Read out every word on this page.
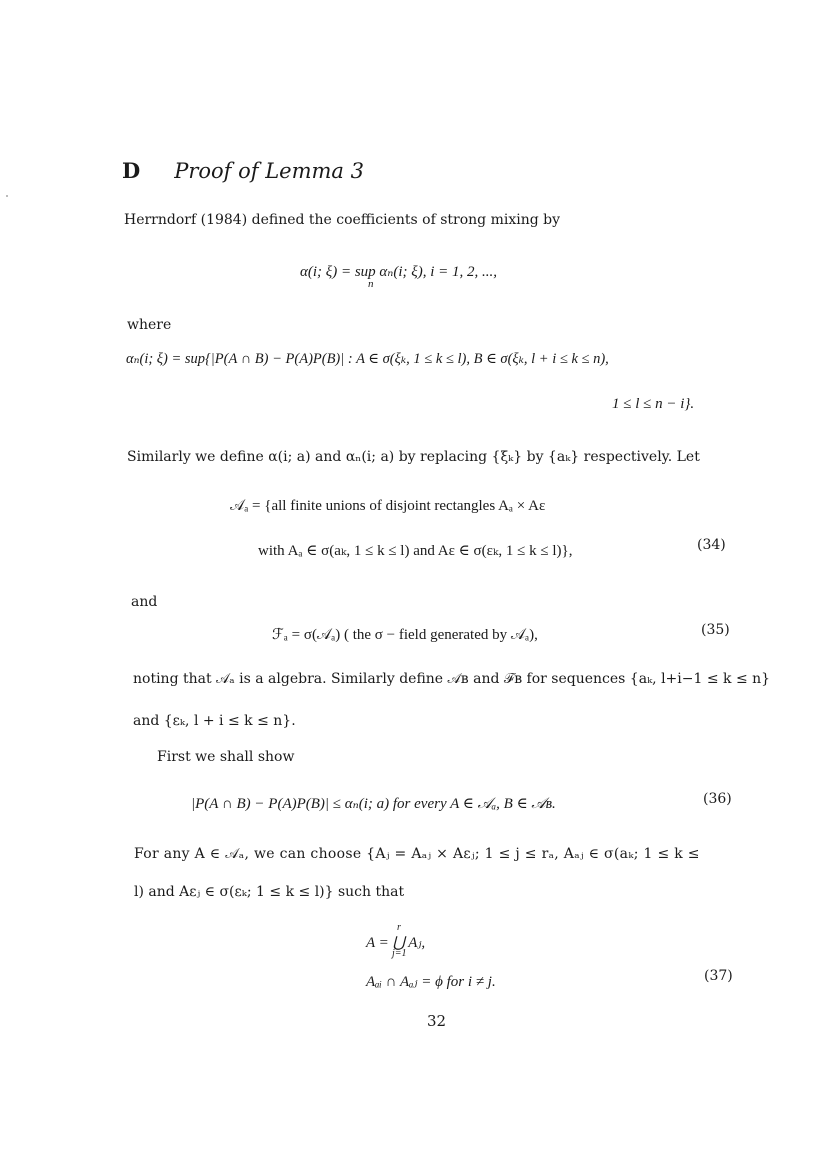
D Proof of Lemma 3
Herrndorf (1984) defined the coefficients of strong mixing by
α(i; ξ) = sup αₙ(i; ξ), i = 1, 2, ...,
n
where
αₙ(i; ξ) = sup{|P(A ∩ B) − P(A)P(B)| : A ∈ σ(ξₖ, 1 ≤ k ≤ l), B ∈ σ(ξₖ, l + i ≤ k ≤ n),
1 ≤ l ≤ n − i}.
Similarly we define α(i; a) and αₙ(i; a) by replacing {ξₖ} by {aₖ} respectively. Let
𝒜ₐ = {all finite unions of disjoint rectangles Aₐ × Aε
with Aₐ ∈ σ(aₖ, 1 ≤ k ≤ l) and Aε ∈ σ(εₖ, 1 ≤ k ≤ l)},	(34)
and
ℱₐ = σ(𝒜ₐ) ( the σ − field generated by 𝒜ₐ),	(35)
noting that 𝒜ₐ is a algebra. Similarly define 𝒜ʙ and ℱʙ for sequences {aₖ, l+i−1 ≤ k ≤ n}
and {εₖ, l + i ≤ k ≤ n}.
First we shall show
|P(A ∩ B) − P(A)P(B)| ≤ αₙ(i; a) for every A ∈ 𝒜ₐ, B ∈ 𝒜ʙ.	(36)
For any A ∈ 𝒜ₐ, we can choose {Aⱼ = Aₐⱼ × Aεⱼ; 1 ≤ j ≤ rₐ, Aₐⱼ ∈ σ(aₖ; 1 ≤ k ≤
l) and Aεⱼ ∈ σ(εₖ; 1 ≤ k ≤ l)} such that
A = ⋃ Aⱼ,
r
j=1
Aₐᵢ ∩ Aₐⱼ = ϕ for i ≠ j.	(37)
32
